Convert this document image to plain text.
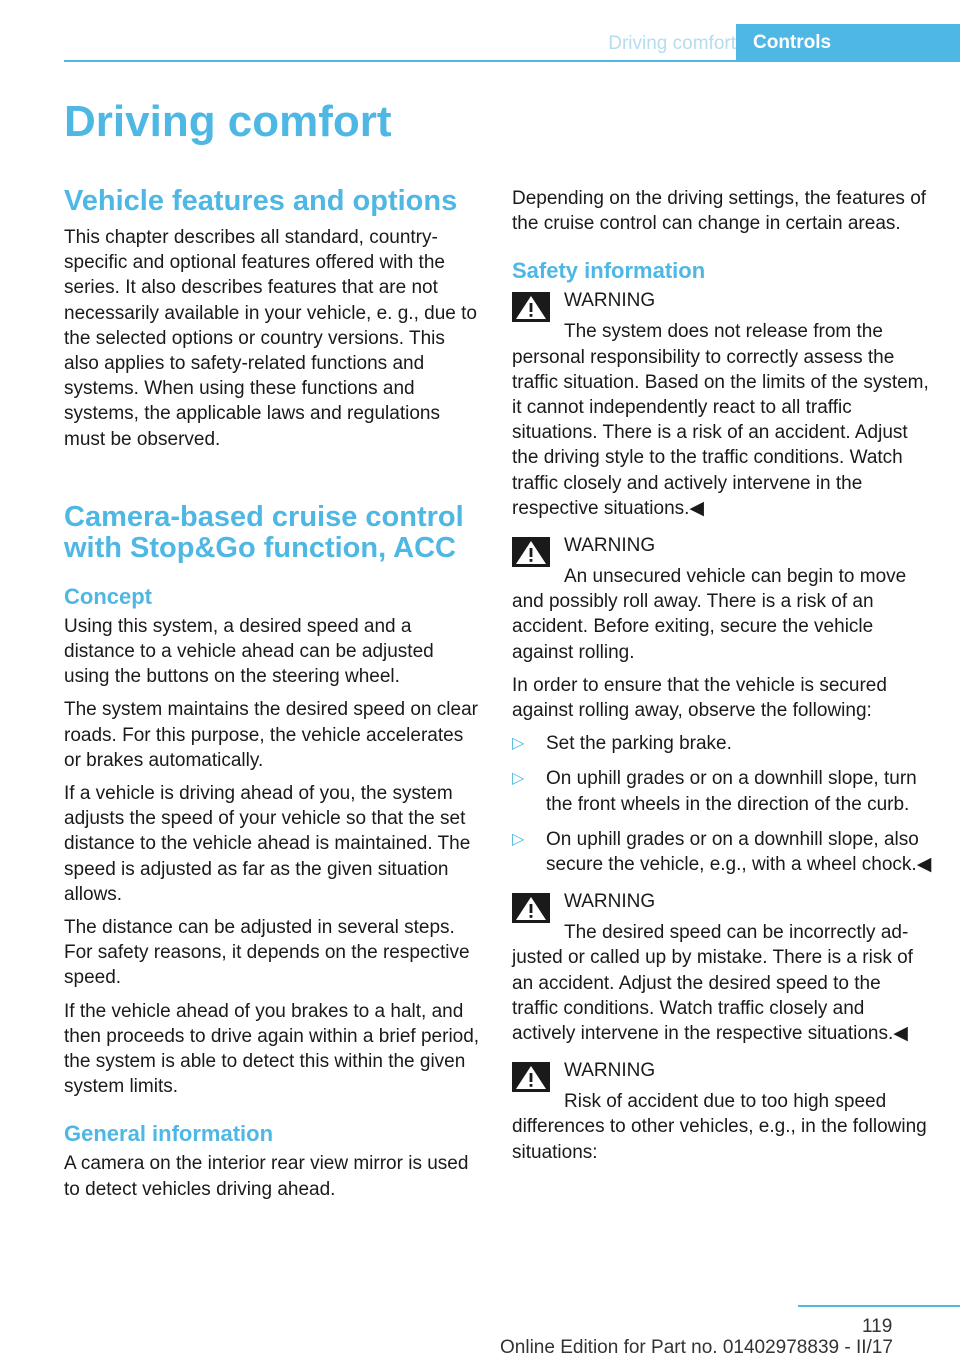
Driving comfort Controls
Driving comfort
Vehicle features and options

This chapter describes all standard, country-specific and optional features offered with the series. It also describes features that are not necessarily available in your vehicle, e. g., due to the selected options or country versions. This also applies to safety-related functions and systems. When using these functions and systems, the applicable laws and regulations must be observed.

Camera-based cruise control with Stop&Go function, ACC
Concept

Using this system, a desired speed and a distance to a vehicle ahead can be adjusted using the buttons on the steering wheel.

The system maintains the desired speed on clear roads. For this purpose, the vehicle accelerates or brakes automatically.

If a vehicle is driving ahead of you, the system adjusts the speed of your vehicle so that the set distance to the vehicle ahead is maintained. The speed is adjusted as far as the given situation allows.

The distance can be adjusted in several steps. For safety reasons, it depends on the respective speed.

If the vehicle ahead of you brakes to a halt, and then proceeds to drive again within a brief period, the system is able to detect this within the given system limits.

General information

A camera on the interior rear view mirror is used to detect vehicles driving ahead.

Depending on the driving settings, the features of the cruise control can change in certain areas.

Safety information
WARNING
The system does not release from the
personal responsibility to correctly assess the traffic situation. Based on the limits of the system, it cannot independently react to all traffic situations. There is a risk of an accident. Adjust the driving style to the traffic conditions. Watch traffic closely and actively intervene in the respective situations.◀
WARNING
An unsecured vehicle can begin to move
and possibly roll away. There is a risk of an accident. Before exiting, secure the vehicle against rolling.

In order to ensure that the vehicle is secured against rolling away, observe the following:

▷ Set the parking brake.
▷ On uphill grades or on a downhill slope, turn the front wheels in the direction of the curb.
▷ On uphill grades or on a downhill slope, also secure the vehicle, e.g., with a wheel chock.◀
WARNING
The desired speed can be incorrectly ad-
justed or called up by mistake. There is a risk of an accident. Adjust the desired speed to the traffic conditions. Watch traffic closely and actively intervene in the respective situations.◀
WARNING
Risk of accident due to too high speed
differences to other vehicles, e.g., in the following situations:
119
Online Edition for Part no. 01402978839 - II/17
